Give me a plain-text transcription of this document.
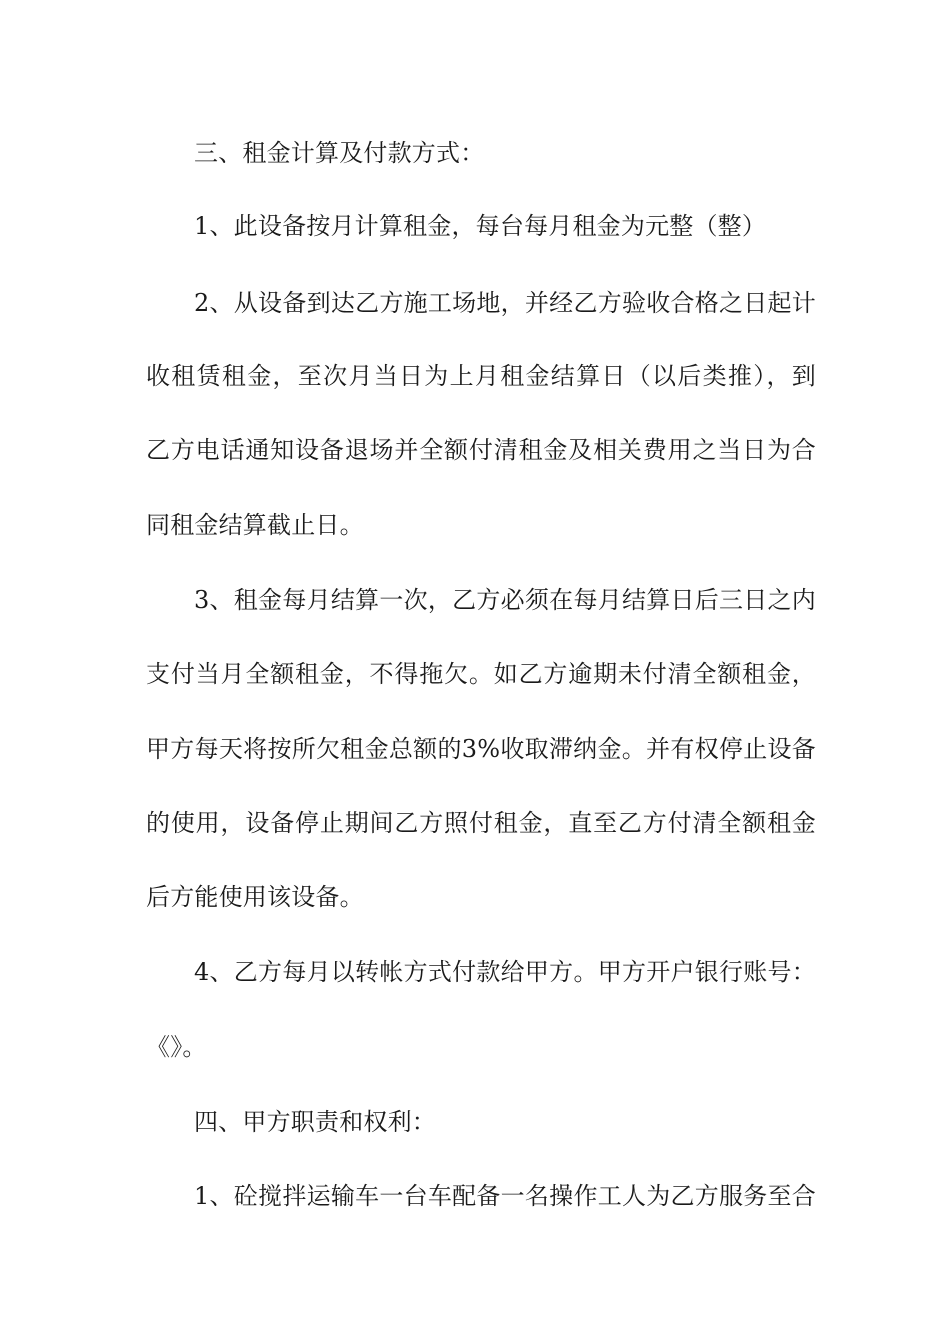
三、租金计算及付款方式：
1、此设备按月计算租金，每台每月租金为元整（整）
2、从设备到达乙方施工场地，并经乙方验收合格之日起计
收租赁租金，至次月当日为上月租金结算日（以后类推），到
乙方电话通知设备退场并全额付清租金及相关费用之当日为合
同租金结算截止日。
3、租金每月结算一次，乙方必须在每月结算日后三日之内
支付当月全额租金，不得拖欠。如乙方逾期未付清全额租金，
甲方每天将按所欠租金总额的3%收取滞纳金。并有权停止设备
的使用，设备停止期间乙方照付租金，直至乙方付清全额租金
后方能使用该设备。
4、乙方每月以转帐方式付款给甲方。甲方开户银行账号：
《》。
四、甲方职责和权利：
1、砼搅拌运输车一台车配备一名操作工人为乙方服务至合
